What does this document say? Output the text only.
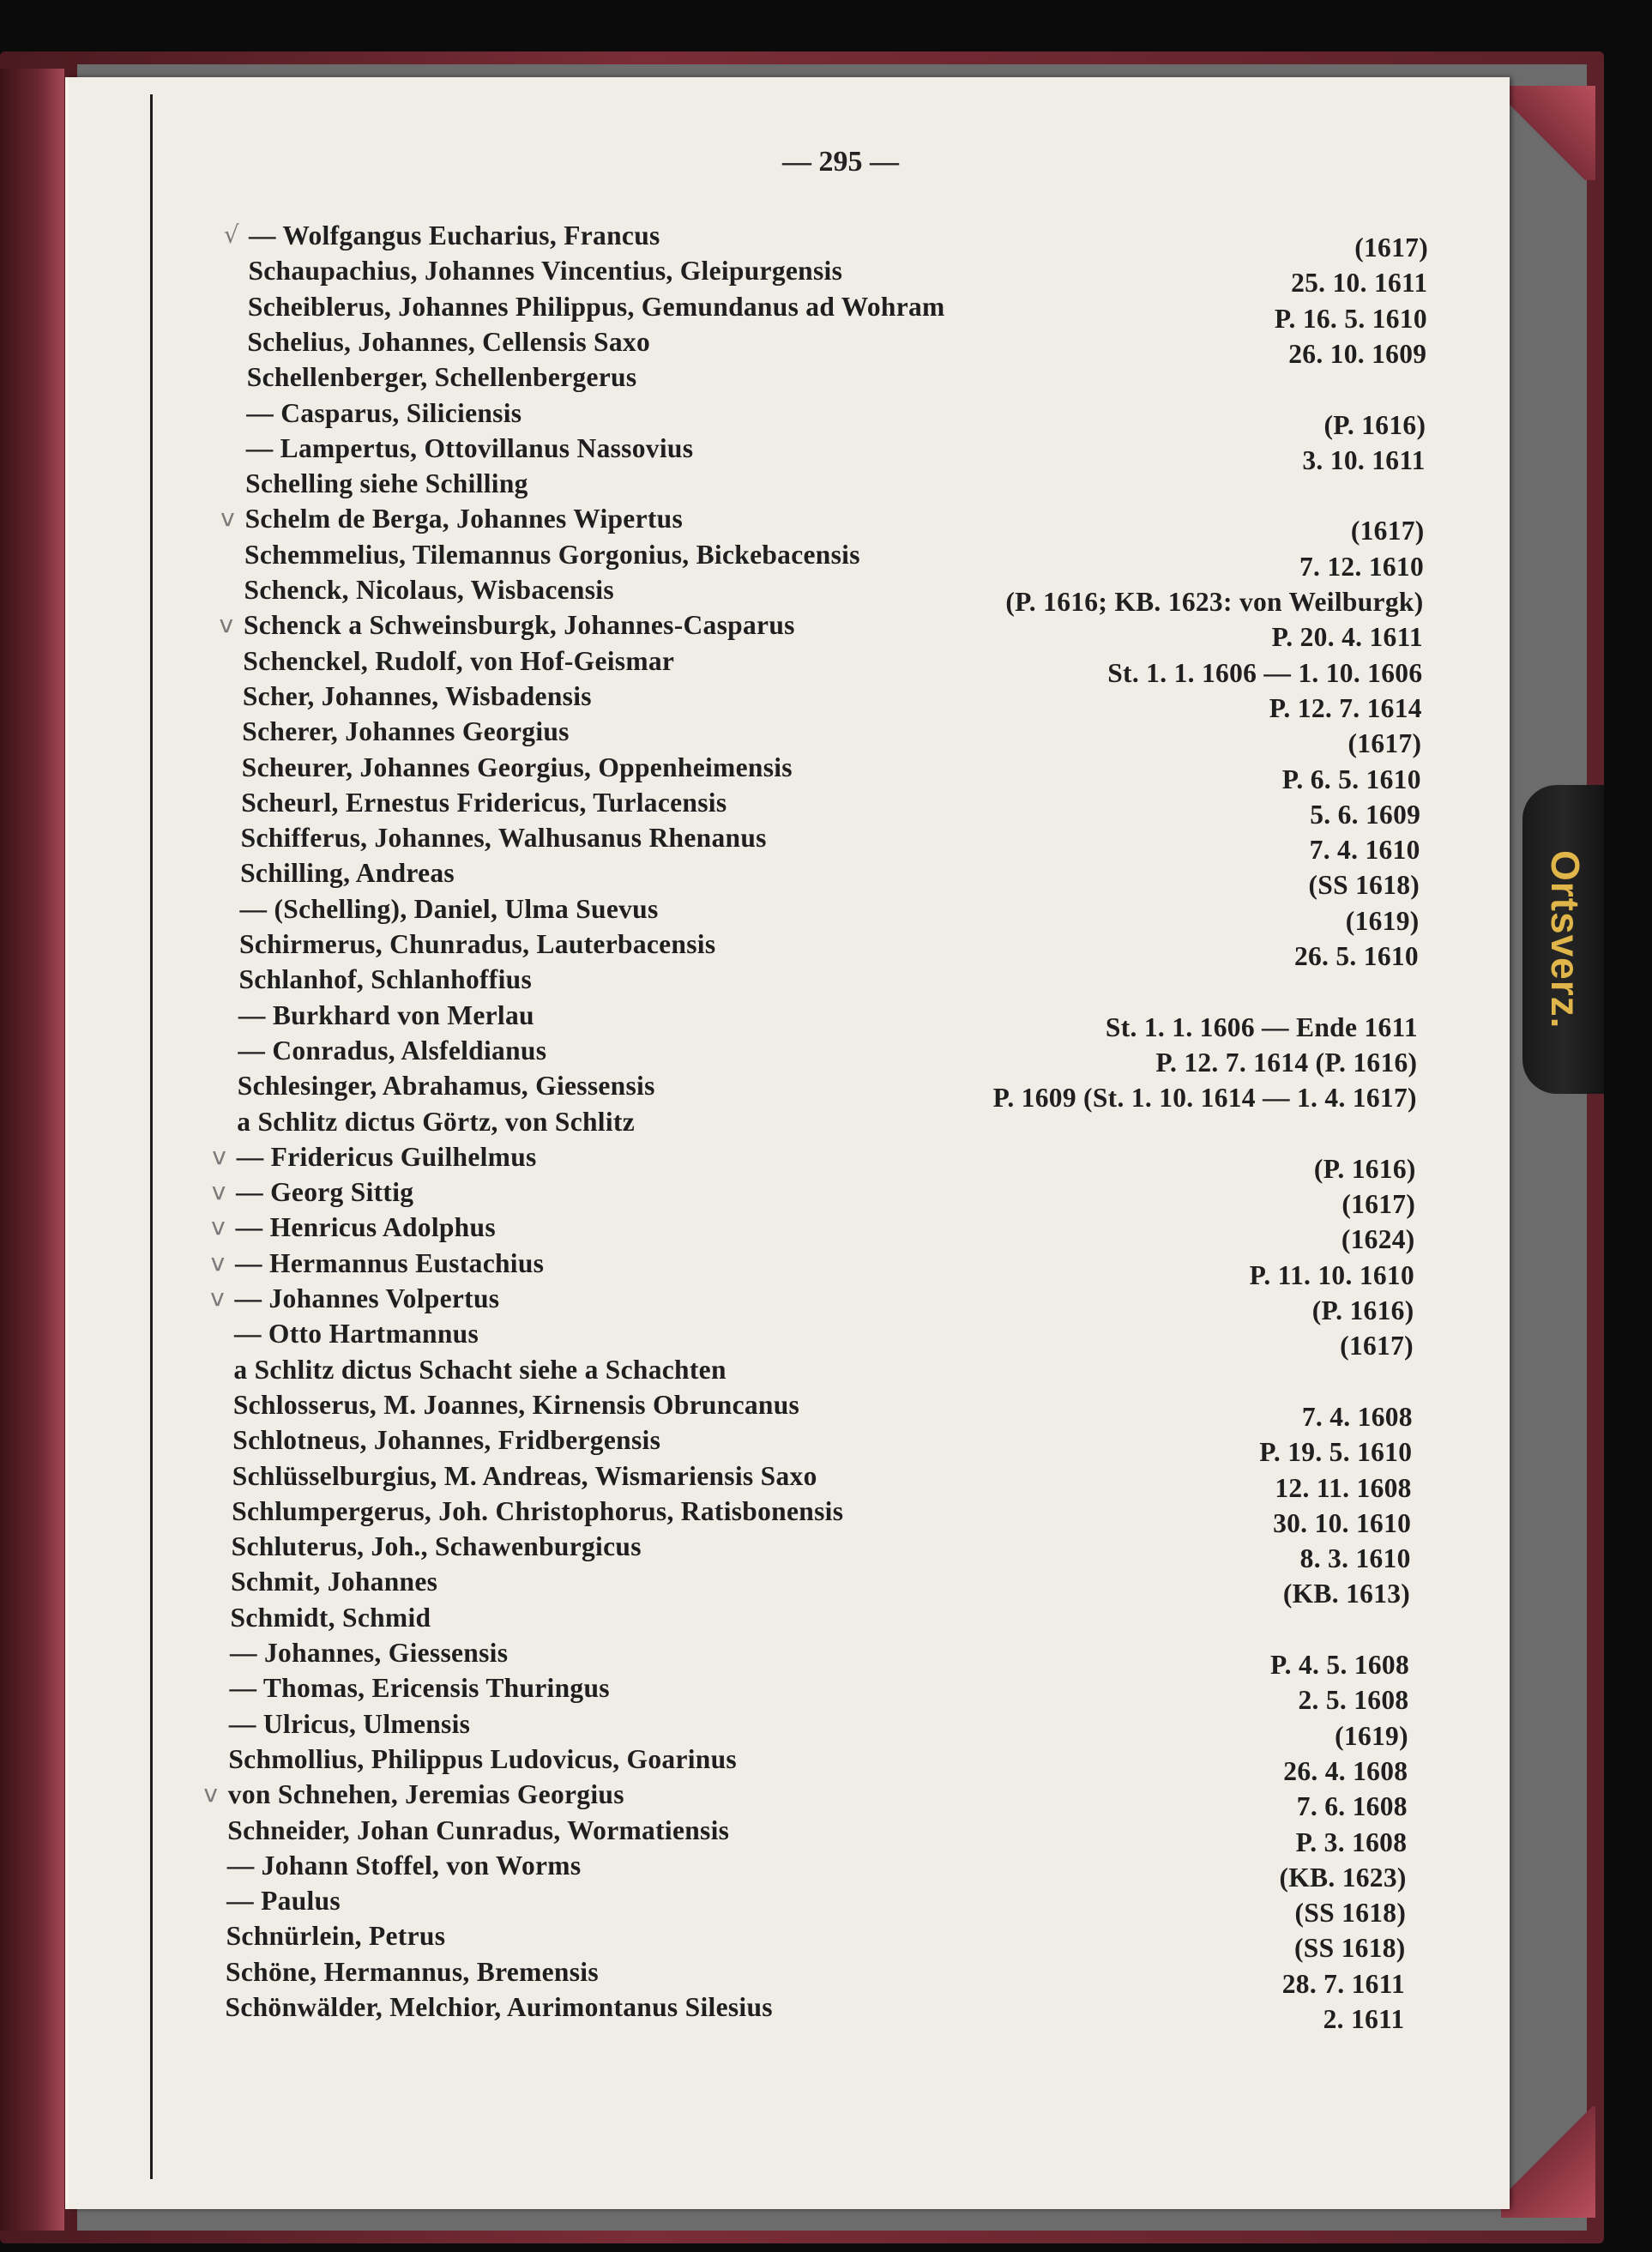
Ortsverz.
— 295 —
√ — Wolfgangus Eucharius, Francus	(1617)
Schaupachius, Johannes Vincentius, Gleipurgensis	25. 10. 1611
Scheiblerus, Johannes Philippus, Gemundanus ad Wohram	P. 16. 5. 1610
Schelius, Johannes, Cellensis Saxo	26. 10. 1609
Schellenberger, Schellenbergerus
— Casparus, Siliciensis	(P. 1616)
— Lampertus, Ottovillanus Nassovius	3. 10. 1611
Schelling siehe Schilling
v Schelm de Berga, Johannes Wipertus	(1617)
Schemmelius, Tilemannus Gorgonius, Bickebacensis	7. 12. 1610
Schenck, Nicolaus, Wisbacensis	(P. 1616; KB. 1623: von Weilburgk)
v Schenck a Schweinsburgk, Johannes-Casparus	P. 20. 4. 1611
Schenckel, Rudolf, von Hof-Geismar	St. 1. 1. 1606 — 1. 10. 1606
Scher, Johannes, Wisbadensis	P. 12. 7. 1614
Scherer, Johannes Georgius	(1617)
Scheurer, Johannes Georgius, Oppenheimensis	P. 6. 5. 1610
Scheurl, Ernestus Fridericus, Turlacensis	5. 6. 1609
Schifferus, Johannes, Walhusanus Rhenanus	7. 4. 1610
Schilling, Andreas	(SS 1618)
— (Schelling), Daniel, Ulma Suevus	(1619)
Schirmerus, Chunradus, Lauterbacensis	26. 5. 1610
Schlanhof, Schlanhoffius
— Burkhard von Merlau	St. 1. 1. 1606 — Ende 1611
— Conradus, Alsfeldianus	P. 12. 7. 1614 (P. 1616)
Schlesinger, Abrahamus, Giessensis	P. 1609 (St. 1. 10. 1614 — 1. 4. 1617)
a Schlitz dictus Görtz, von Schlitz
v — Fridericus Guilhelmus	(P. 1616)
v — Georg Sittig	(1617)
v — Henricus Adolphus	(1624)
v — Hermannus Eustachius	P. 11. 10. 1610
v — Johannes Volpertus	(P. 1616)
— Otto Hartmannus	(1617)
a Schlitz dictus Schacht siehe a Schachten
Schlosserus, M. Joannes, Kirnensis Obruncanus	7. 4. 1608
Schlotneus, Johannes, Fridbergensis	P. 19. 5. 1610
Schlüsselburgius, M. Andreas, Wismariensis Saxo	12. 11. 1608
Schlumpergerus, Joh. Christophorus, Ratisbonensis	30. 10. 1610
Schluterus, Joh., Schawenburgicus	8. 3. 1610
Schmit, Johannes	(KB. 1613)
Schmidt, Schmid
— Johannes, Giessensis	P. 4. 5. 1608
— Thomas, Ericensis Thuringus	2. 5. 1608
— Ulricus, Ulmensis	(1619)
Schmollius, Philippus Ludovicus, Goarinus	26. 4. 1608
v von Schnehen, Jeremias Georgius	7. 6. 1608
Schneider, Johan Cunradus, Wormatiensis	P. 3. 1608
— Johann Stoffel, von Worms	(KB. 1623)
— Paulus	(SS 1618)
Schnürlein, Petrus	(SS 1618)
Schöne, Hermannus, Bremensis	28. 7. 1611
Schönwälder, Melchior, Aurimontanus Silesius	2. 1611
